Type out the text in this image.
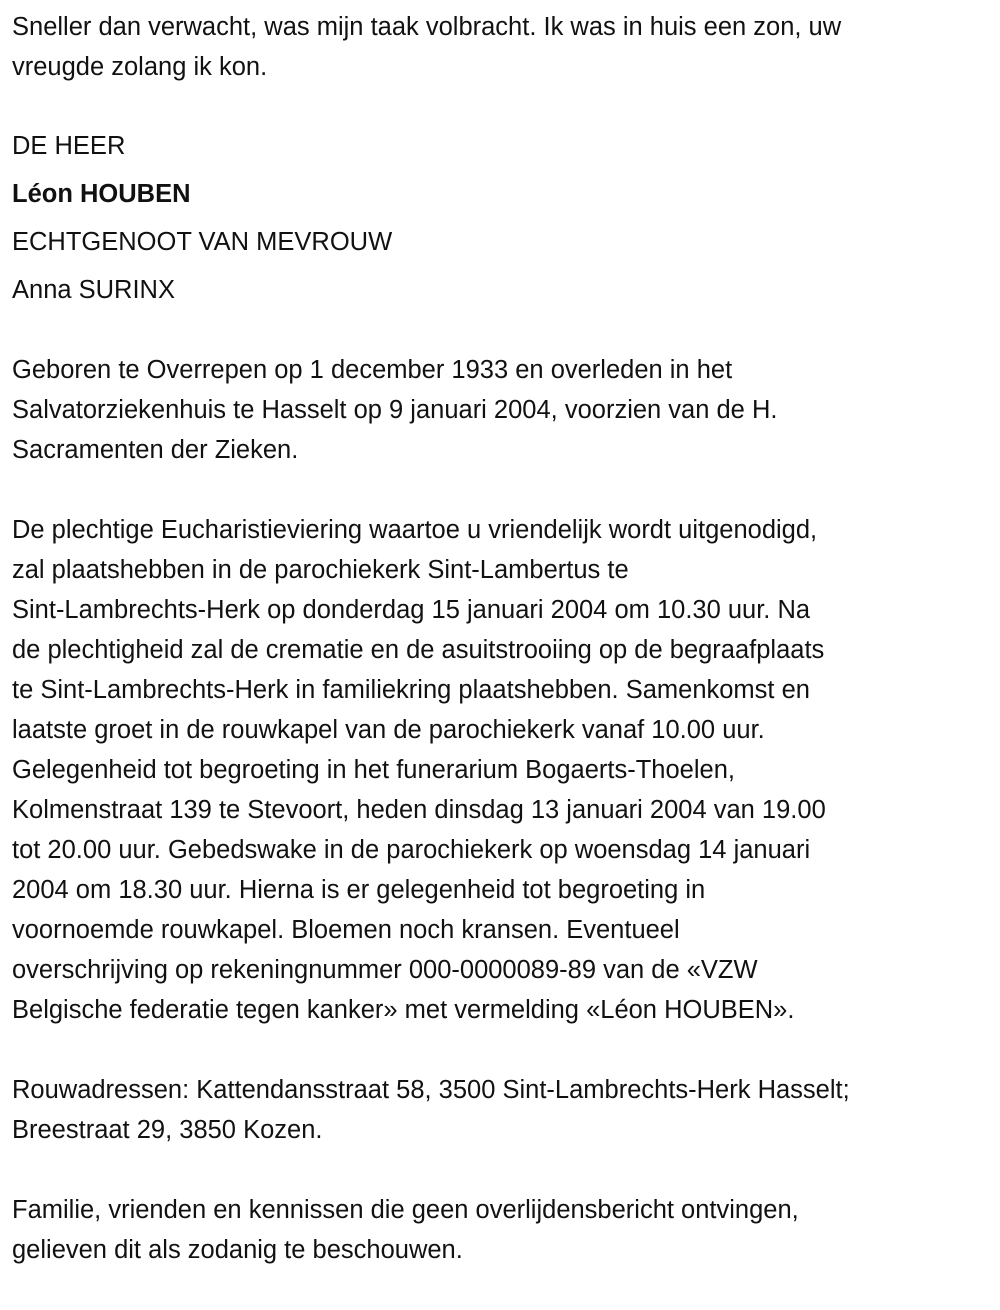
Sneller dan verwacht, was mijn taak volbracht. Ik was in huis een zon, uw
vreugde zolang ik kon.
DE HEER
Léon HOUBEN
ECHTGENOOT VAN MEVROUW
Anna SURINX
Geboren te Overrepen op 1 december 1933 en overleden in het
Salvatorziekenhuis te Hasselt op 9 januari 2004, voorzien van de H.
Sacramenten der Zieken.
De plechtige Eucharistieviering waartoe u vriendelijk wordt uitgenodigd,
zal plaatshebben in de parochiekerk Sint-Lambertus te
Sint-Lambrechts-Herk op donderdag 15 januari 2004 om 10.30 uur. Na
de plechtigheid zal de crematie en de asuitstrooiing op de begraafplaats
te Sint-Lambrechts-Herk in familiekring plaatshebben. Samenkomst en
laatste groet in de rouwkapel van de parochiekerk vanaf 10.00 uur.
Gelegenheid tot begroeting in het funerarium Bogaerts-Thoelen,
Kolmenstraat 139 te Stevoort, heden dinsdag 13 januari 2004 van 19.00
tot 20.00 uur. Gebedswake in de parochiekerk op woensdag 14 januari
2004 om 18.30 uur. Hierna is er gelegenheid tot begroeting in
voornoemde rouwkapel. Bloemen noch kransen. Eventueel
overschrijving op rekeningnummer 000-0000089-89 van de «VZW
Belgische federatie tegen kanker» met vermelding «Léon HOUBEN».
Rouwadressen: Kattendansstraat 58, 3500 Sint-Lambrechts-Herk Hasselt;
Breestraat 29, 3850 Kozen.
Familie, vrienden en kennissen die geen overlijdensbericht ontvingen,
gelieven dit als zodanig te beschouwen.
